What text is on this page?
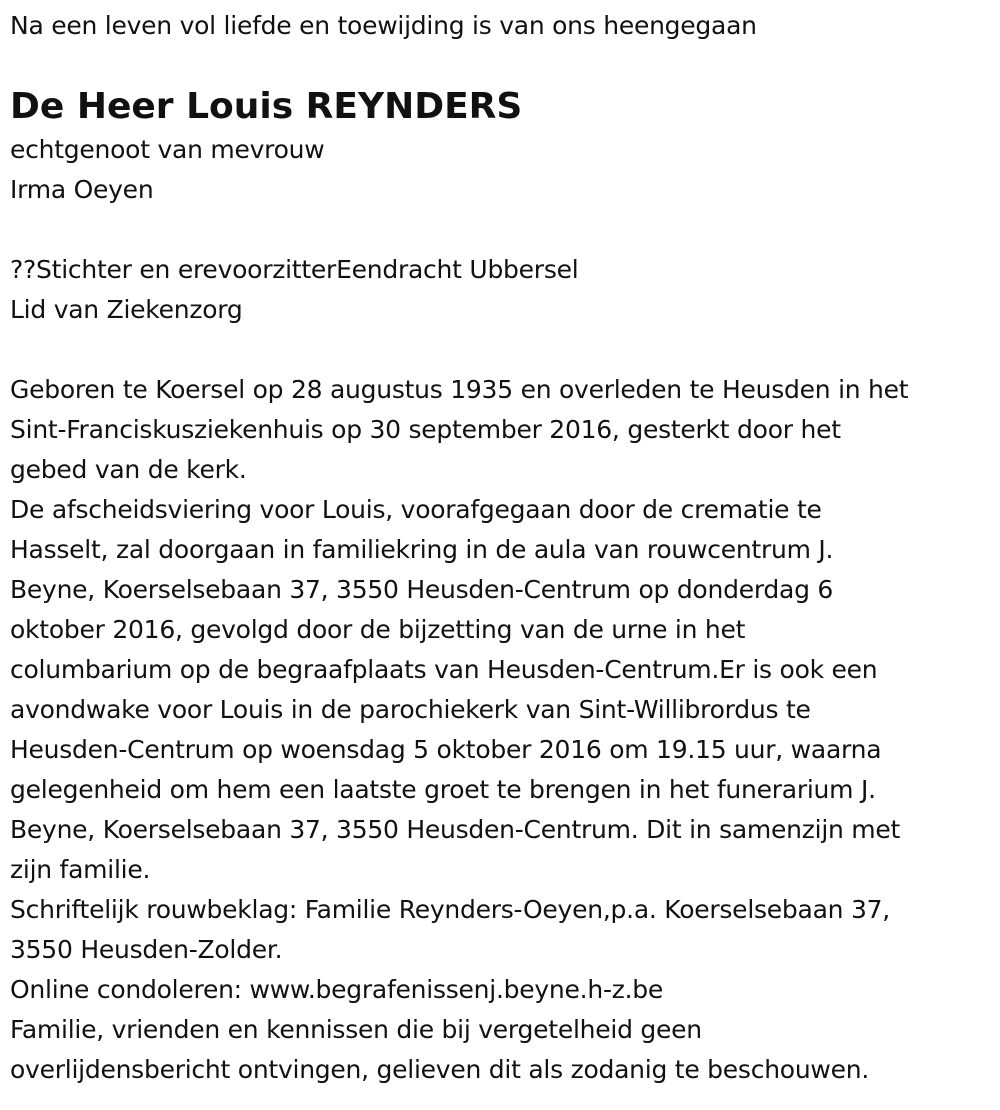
Na een leven vol liefde en toewijding is van ons heengegaan
De Heer Louis REYNDERS
echtgenoot van mevrouw
Irma Oeyen
??Stichter en erevoorzitterEendracht Ubbersel
Lid van Ziekenzorg
Geboren te Koersel op 28 augustus 1935 en overleden te Heusden in het
Sint-Franciskusziekenhuis op 30 september 2016, gesterkt door het
gebed van de kerk.
De afscheidsviering voor Louis, voorafgegaan door de crematie te
Hasselt, zal doorgaan in familiekring in de aula van rouwcentrum J.
Beyne, Koerselsebaan 37, 3550 Heusden-Centrum op donderdag 6
oktober 2016, gevolgd door de bijzetting van de urne in het
columbarium op de begraafplaats van Heusden-Centrum.Er is ook een
avondwake voor Louis in de parochiekerk van Sint-Willibrordus te
Heusden-Centrum op woensdag 5 oktober 2016 om 19.15 uur, waarna
gelegenheid om hem een laatste groet te brengen in het funerarium J.
Beyne, Koerselsebaan 37, 3550 Heusden-Centrum. Dit in samenzijn met
zijn familie.
Schriftelijk rouwbeklag: Familie Reynders-Oeyen,p.a. Koerselsebaan 37,
3550 Heusden-Zolder.
Online condoleren: www.begrafenissenj.beyne.h-z.be
Familie, vrienden en kennissen die bij vergetelheid geen
overlijdensbericht ontvingen, gelieven dit als zodanig te beschouwen.
